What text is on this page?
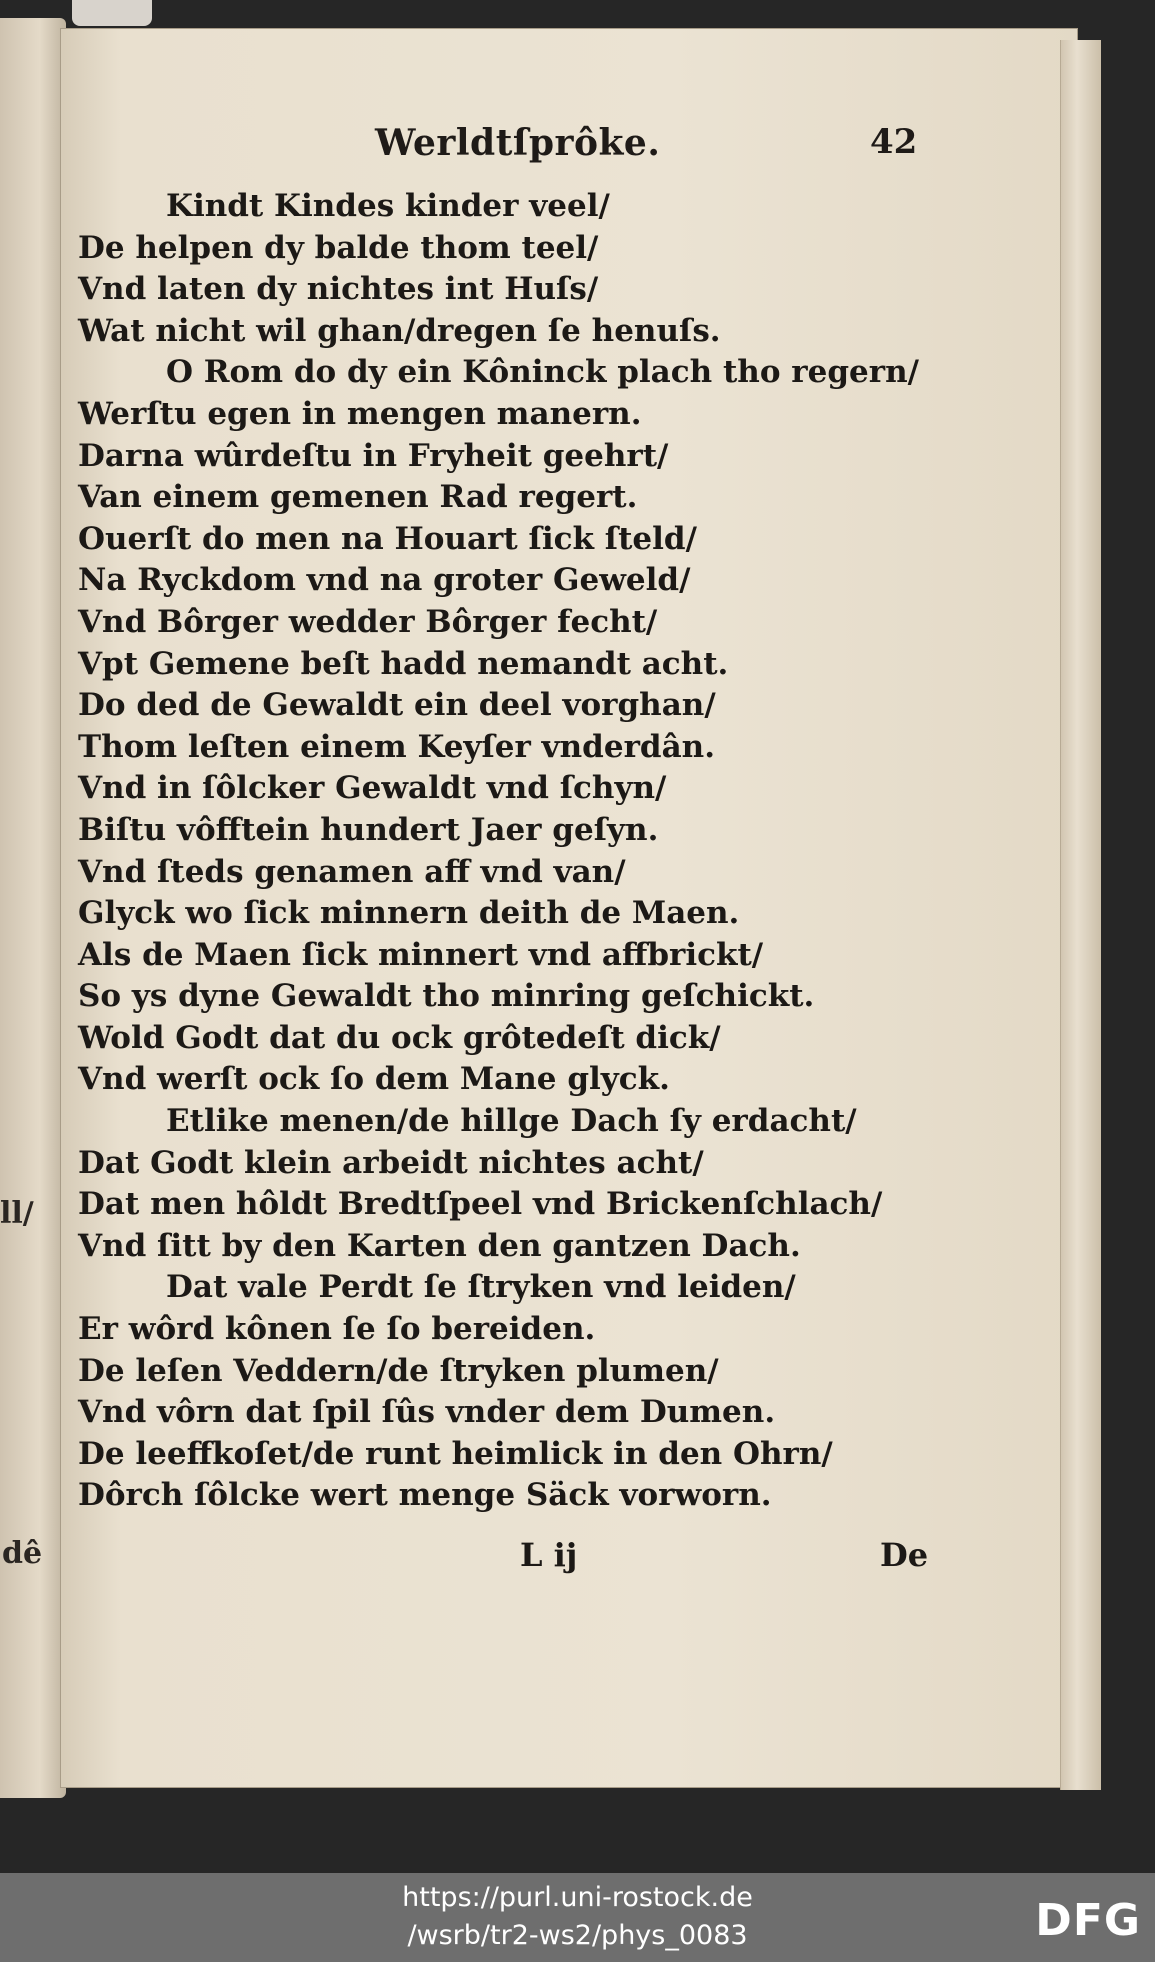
ll/
dê
Werldtſprôke.	42
Kindt Kindes kinder veel/
De helpen dy balde thom teel/
Vnd laten dy nichtes int Huſs/
Wat nicht wil ghan/dregen ſe henuſs.
O Rom do dy ein Kôninck plach tho regern/
Werſtu egen in mengen manern.
Darna wûrdeſtu in Fryheit geehrt/
Van einem gemenen Rad regert.
Ouerſt do men na Houart ſick ſteld/
Na Ryckdom vnd na groter Geweld/
Vnd Bôrger wedder Bôrger fecht/
Vpt Gemene beſt hadd nemandt acht.
Do ded de Gewaldt ein deel vorghan/
Thom leſten einem Keyſer vnderdân.
Vnd in ſôlcker Gewaldt vnd ſchyn/
Biſtu vôfftein hundert Jaer geſyn.
Vnd ſteds genamen aff vnd van/
Glyck wo ſick minnern deith de Maen.
Als de Maen ſick minnert vnd affbrickt/
So ys dyne Gewaldt tho minring geſchickt.
Wold Godt dat du ock grôtedeſt dick/
Vnd werſt ock ſo dem Mane glyck.
Etlike menen/de hillge Dach ſy erdacht/
Dat Godt klein arbeidt nichtes acht/
Dat men hôldt Bredtſpeel vnd Brickenſchlach/
Vnd ſitt by den Karten den gantzen Dach.
Dat vale Perdt ſe ſtryken vnd leiden/
Er wôrd kônen ſe ſo bereiden.
De leſen Veddern/de ſtryken plumen/
Vnd vôrn dat ſpil ſûs vnder dem Dumen.
De leeffkoſet/de runt heimlick in den Ohrn/
Dôrch ſôlcke wert menge Säck vorworn.
L ij	De
https://purl.uni-rostock.de
/wsrb/tr2-ws2/phys_0083	DFG
